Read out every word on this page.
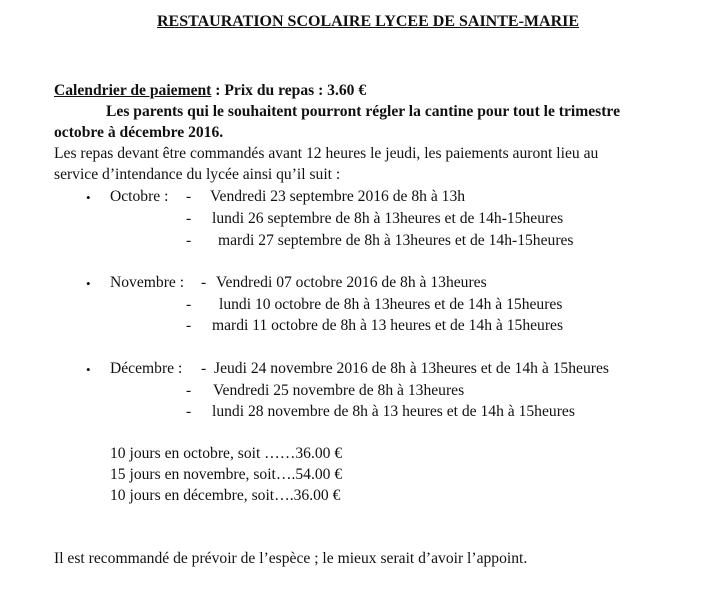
RESTAURATION SCOLAIRE LYCEE DE SAINTE-MARIE
Calendrier de paiement : Prix du repas : 3.60 €
Les parents qui le souhaitent pourront régler la cantine pour tout le trimestre
octobre à décembre 2016.
Les repas devant être commandés avant 12 heures le jeudi, les paiements auront lieu au
service d’intendance du lycée ainsi qu’il suit :
• Octobre : - Vendredi 23 septembre 2016 de 8h à 13h
- lundi 26 septembre de 8h à 13heures et de 14h-15heures
- mardi 27 septembre de 8h à 13heures et de 14h-15heures
• Novembre : - Vendredi 07 octobre 2016 de 8h à 13heures
- lundi 10 octobre de 8h à 13heures et de 14h à 15heures
- mardi 11 octobre de 8h à 13 heures et de 14h à 15heures
• Décembre : - Jeudi 24 novembre 2016 de 8h à 13heures et de 14h à 15heures
- Vendredi 25 novembre de 8h à 13heures
- lundi 28 novembre de 8h à 13 heures et de 14h à 15heures
10 jours en octobre, soit ……36.00 €
15 jours en novembre, soit….54.00 €
10 jours en décembre, soit….36.00 €
Il est recommandé de prévoir de l’espèce ; le mieux serait d’avoir l’appoint.
